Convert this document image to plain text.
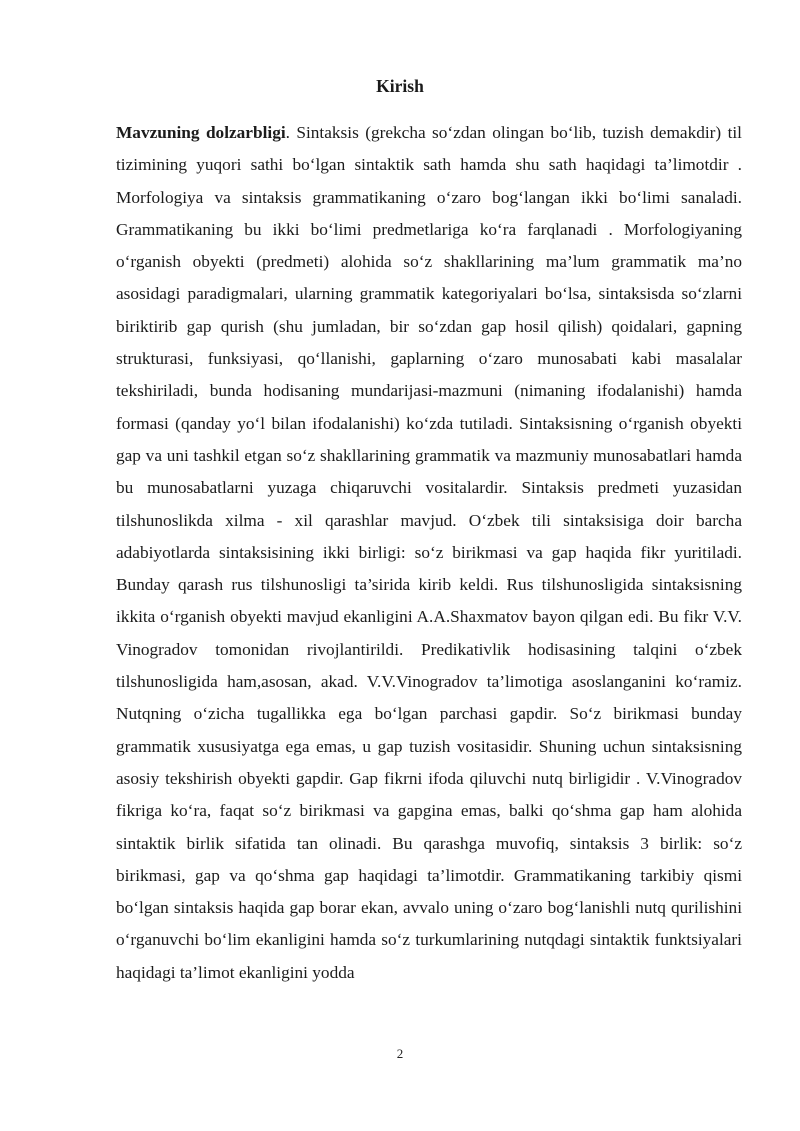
Kirish

Mavzuning dolzarbligi. Sintaksis (grekcha so‘zdan olingan bo‘lib, tuzish demakdir) til tizimining yuqori sathi bo‘lgan sintaktik sath hamda shu sath haqidagi ta’limotdir . Morfologiya va sintaksis grammatikaning o‘zaro bog‘langan ikki bo‘limi sanaladi. Grammatikaning bu ikki bo‘limi predmetlariga ko‘ra farqlanadi . Morfologiyaning o‘rganish obyekti (predmeti) alohida so‘z shakllarining ma’lum grammatik ma’no asosidagi paradigmalari, ularning grammatik kategoriyalari bo‘lsa, sintaksisda so‘zlarni biriktirib gap qurish (shu jumladan, bir so‘zdan gap hosil qilish) qoidalari, gapning strukturasi, funksiyasi, qo‘llanishi, gaplarning o‘zaro munosabati kabi masalalar tekshiriladi, bunda hodisaning mundarijasi-mazmuni (nimaning ifodalanishi) hamda formasi (qanday yo‘l bilan ifodalanishi) ko‘zda tutiladi. Sintaksisning o‘rganish obyekti gap va uni tashkil etgan so‘z shakllarining grammatik va mazmuniy munosabatlari hamda bu munosabatlarni yuzaga chiqaruvchi vositalardir. Sintaksis predmeti yuzasidan tilshunoslikda xilma - xil qarashlar mavjud. O‘zbek tili sintaksisiga doir barcha adabiyotlarda sintaksisining ikki birligi: so‘z birikmasi va gap haqida fikr yuritiladi. Bunday qarash rus tilshunosligi ta’sirida kirib keldi. Rus tilshunosligida sintaksisning ikkita o‘rganish obyekti mavjud ekanligini A.A.Shaxmatov bayon qilgan edi. Bu fikr V.V. Vinogradov tomonidan rivojlantirildi. Predikativlik hodisasining talqini o‘zbek tilshunosligida ham,asosan, akad. V.V.Vinogradov ta’limotiga asoslanganini ko‘ramiz. Nutqning o‘zicha tugallikka ega bo‘lgan parchasi gapdir. So‘z birikmasi bunday grammatik xususiyatga ega emas, u gap tuzish vositasidir. Shuning uchun sintaksisning asosiy tekshirish obyekti gapdir. Gap fikrni ifoda qiluvchi nutq birligidir . V.Vinogradov fikriga ko‘ra, faqat so‘z birikmasi va gapgina emas, balki qo‘shma gap ham alohida sintaktik birlik sifatida tan olinadi. Bu qarashga muvofiq, sintaksis 3 birlik: so‘z birikmasi, gap va qo‘shma gap haqidagi ta’limotdir. Grammatikaning tarkibiy qismi bo‘lgan sintaksis haqida gap borar ekan, avvalo uning o‘zaro bog‘lanishli nutq qurilishini o‘rganuvchi bo‘lim ekanligini hamda so‘z turkumlarining nutqdagi sintaktik funktsiyalari haqidagi ta’limot ekanligini yodda

2
